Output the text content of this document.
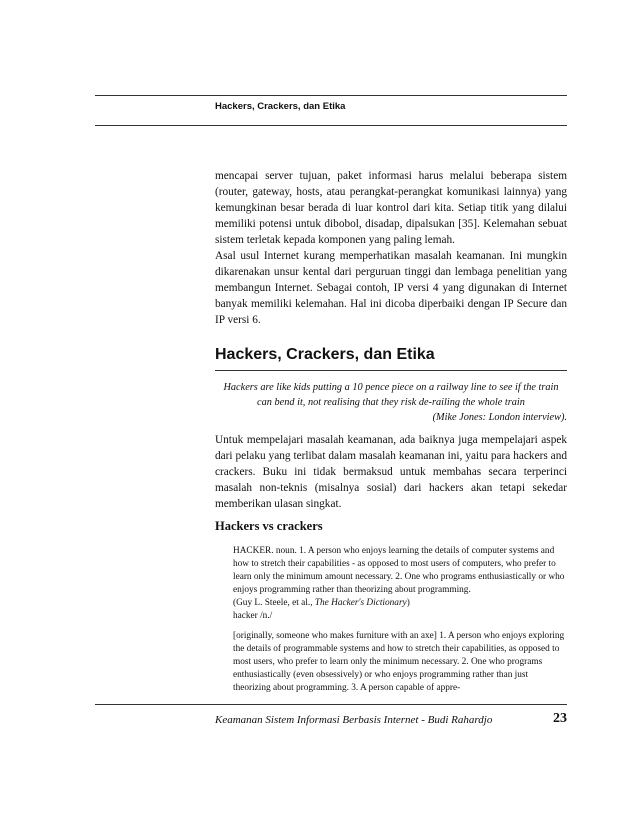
Hackers, Crackers, dan Etika

mencapai server tujuan, paket informasi harus melalui beberapa sistem (router, gateway, hosts, atau perangkat-perangkat komunikasi lainnya) yang kemungkinan besar berada di luar kontrol dari kita. Setiap titik yang dilalui memiliki potensi untuk dibobol, disadap, dipalsukan [35]. Kelemahan sebuat sistem terletak kepada komponen yang paling lemah.

Asal usul Internet kurang memperhatikan masalah keamanan. Ini mungkin dikarenakan unsur kental dari perguruan tinggi dan lembaga penelitian yang membangun Internet. Sebagai contoh, IP versi 4 yang digunakan di Internet banyak memiliki kelemahan. Hal ini dicoba diperbaiki dengan IP Secure dan IP versi 6.

Hackers, Crackers, dan Etika

Hackers are like kids putting a 10 pence piece on a railway line to see if the train can bend it, not realising that they risk de-railing the whole train

(Mike Jones: London interview).

Untuk mempelajari masalah keamanan, ada baiknya juga mempelajari aspek dari pelaku yang terlibat dalam masalah keamanan ini, yaitu para hackers and crackers. Buku ini tidak bermaksud untuk membahas secara terperinci masalah non-teknis (misalnya sosial) dari hackers akan tetapi sekedar memberikan ulasan singkat.

Hackers vs crackers
HACKER. noun. 1. A person who enjoys learning the details of computer systems and how to stretch their capabilities - as opposed to most users of computers, who prefer to learn only the minimum amount necessary. 2. One who programs enthusiastically or who enjoys programming rather than theorizing about programming.
(Guy L. Steele, et al., The Hacker's Dictionary)

hacker /n./

[originally, someone who makes furniture with an axe] 1. A person who enjoys exploring the details of programmable systems and how to stretch their capabilities, as opposed to most users, who prefer to learn only the minimum necessary. 2. One who programs enthusiastically (even obsessively) or who enjoys programming rather than just theorizing about programming. 3. A person capable of appre-

Keamanan Sistem Informasi Berbasis Internet - Budi Rahardjo	23
